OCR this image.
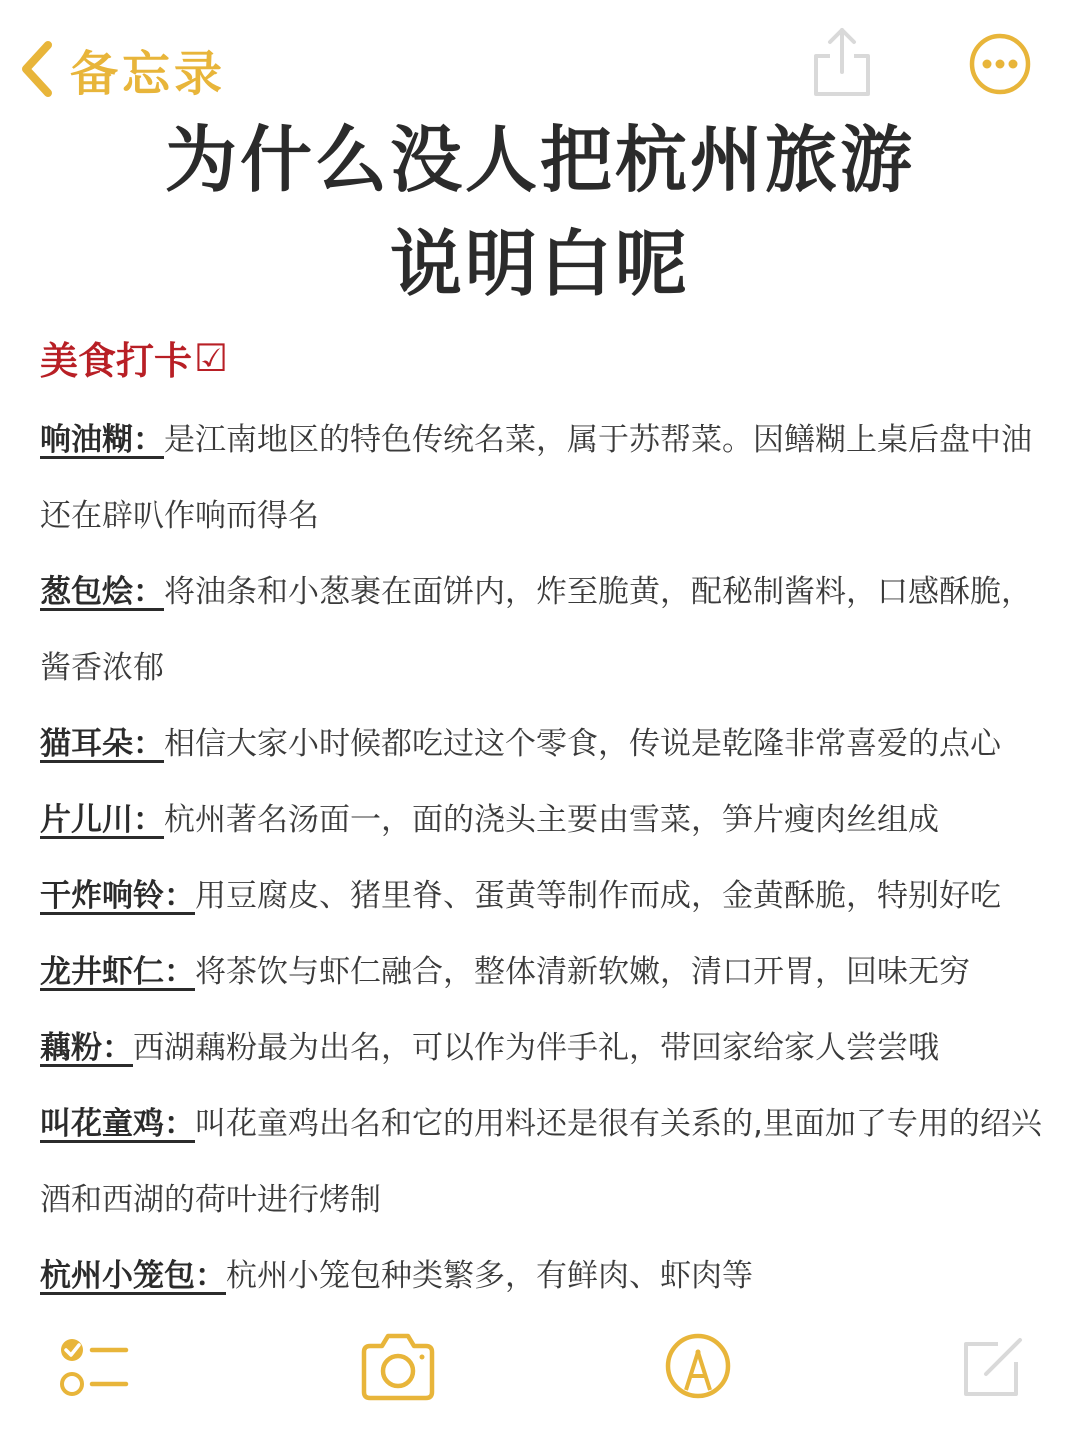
备忘录
为什么没人把杭州旅游
说明白呢
美食打卡 ☑

响油糊：是江南地区的特色传统名菜，属于苏帮菜。因鳝糊上桌后盘中油还在辟叭作响而得名

葱包烩：将油条和小葱裹在面饼内，炸至脆黄，配秘制酱料，口感酥脆，酱香浓郁

猫耳朵：相信大家小时候都吃过这个零食，传说是乾隆非常喜爱的点心

片儿川：杭州著名汤面一，面的浇头主要由雪菜，笋片瘦肉丝组成

干炸响铃：用豆腐皮、猪里脊、蛋黄等制作而成，金黄酥脆，特别好吃

龙井虾仁：将茶饮与虾仁融合，整体清新软嫩，清口开胃，回味无穷

藕粉：西湖藕粉最为出名，可以作为伴手礼，带回家给家人尝尝哦

叫花童鸡：叫花童鸡出名和它的用料还是很有关系的,里面加了专用的绍兴酒和西湖的荷叶进行烤制

杭州小笼包：杭州小笼包种类繁多，有鲜肉、虾肉等
